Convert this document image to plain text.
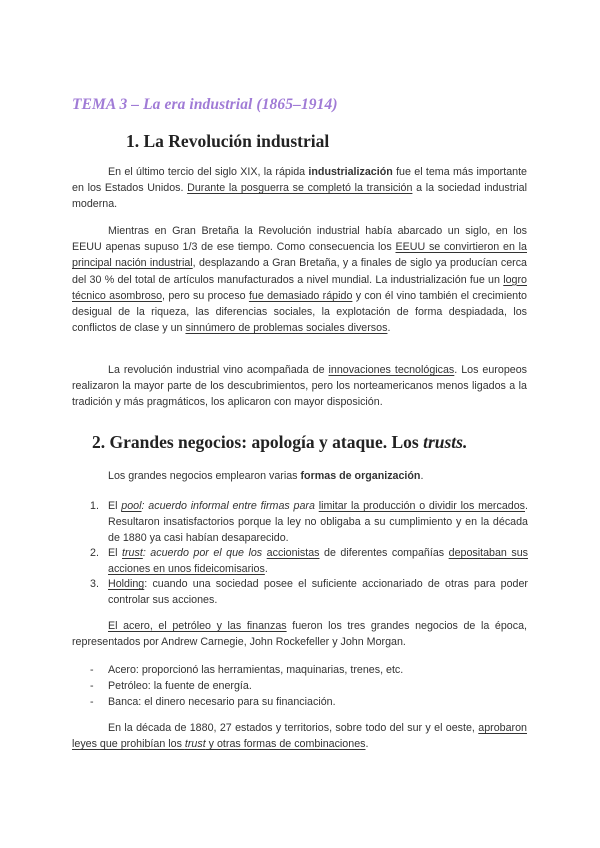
TEMA 3 – La era industrial (1865–1914)
1. La Revolución industrial
En el último tercio del siglo XIX, la rápida industrialización fue el tema más importante en los Estados Unidos. Durante la posguerra se completó la transición a la sociedad industrial moderna.
Mientras en Gran Bretaña la Revolución industrial había abarcado un siglo, en los EEUU apenas supuso 1/3 de ese tiempo. Como consecuencia los EEUU se convirtieron en la principal nación industrial, desplazando a Gran Bretaña, y a finales de siglo ya producían cerca del 30 % del total de artículos manufacturados a nivel mundial. La industrialización fue un logro técnico asombroso, pero su proceso fue demasiado rápido y con él vino también el crecimiento desigual de la riqueza, las diferencias sociales, la explotación de forma despiadada, los conflictos de clase y un sinnúmero de problemas sociales diversos.
La revolución industrial vino acompañada de innovaciones tecnológicas. Los europeos realizaron la mayor parte de los descubrimientos, pero los norteamericanos menos ligados a la tradición y más pragmáticos, los aplicaron con mayor disposición.
2. Grandes negocios: apología y ataque. Los trusts.
Los grandes negocios emplearon varias formas de organización.
1. El pool: acuerdo informal entre firmas para limitar la producción o dividir los mercados. Resultaron insatisfactorios porque la ley no obligaba a su cumplimiento y en la década de 1880 ya casi habían desaparecido.
2. El trust: acuerdo por el que los accionistas de diferentes compañías depositaban sus acciones en unos fideicomisarios.
3. Holding: cuando una sociedad posee el suficiente accionariado de otras para poder controlar sus acciones.
El acero, el petróleo y las finanzas fueron los tres grandes negocios de la época, representados por Andrew Carnegie, John Rockefeller y John Morgan.
- Acero: proporcionó las herramientas, maquinarias, trenes, etc.
- Petróleo: la fuente de energía.
- Banca: el dinero necesario para su financiación.
En la década de 1880, 27 estados y territorios, sobre todo del sur y el oeste, aprobaron leyes que prohibían los trust y otras formas de combinaciones.
